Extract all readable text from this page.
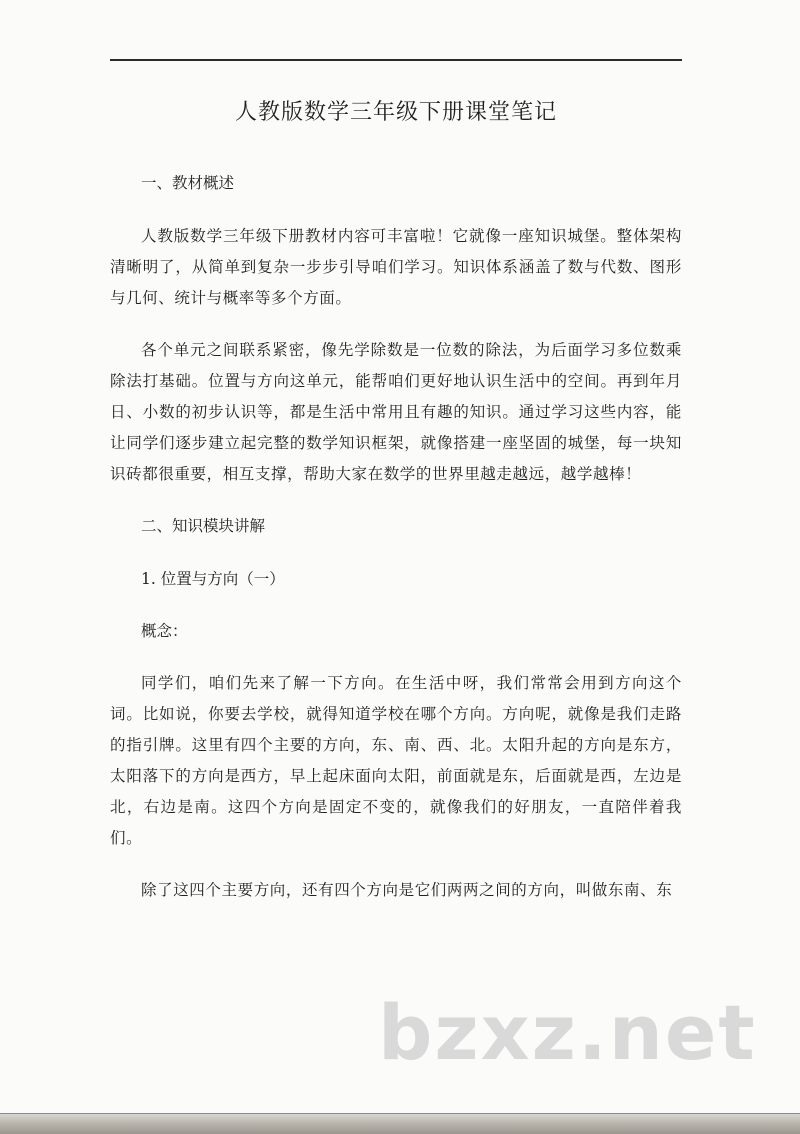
人教版数学三年级下册课堂笔记
一、教材概述
人教版数学三年级下册教材内容可丰富啦！它就像一座知识城堡。整体架构清晰明了，从简单到复杂一步步引导咱们学习。知识体系涵盖了数与代数、图形与几何、统计与概率等多个方面。
各个单元之间联系紧密，像先学除数是一位数的除法，为后面学习多位数乘除法打基础。位置与方向这单元，能帮咱们更好地认识生活中的空间。再到年月日、小数的初步认识等，都是生活中常用且有趣的知识。通过学习这些内容，能让同学们逐步建立起完整的数学知识框架，就像搭建一座坚固的城堡，每一块知识砖都很重要，相互支撑，帮助大家在数学的世界里越走越远，越学越棒！
二、知识模块讲解
1. 位置与方向（一）
概念：
同学们，咱们先来了解一下方向。在生活中呀，我们常常会用到方向这个词。比如说，你要去学校，就得知道学校在哪个方向。方向呢，就像是我们走路的指引牌。这里有四个主要的方向，东、南、西、北。太阳升起的方向是东方，太阳落下的方向是西方，早上起床面向太阳，前面就是东，后面就是西，左边是北，右边是南。这四个方向是固定不变的，就像我们的好朋友，一直陪伴着我们。
除了这四个主要方向，还有四个方向是它们两两之间的方向，叫做东南、东
bzxz.net
